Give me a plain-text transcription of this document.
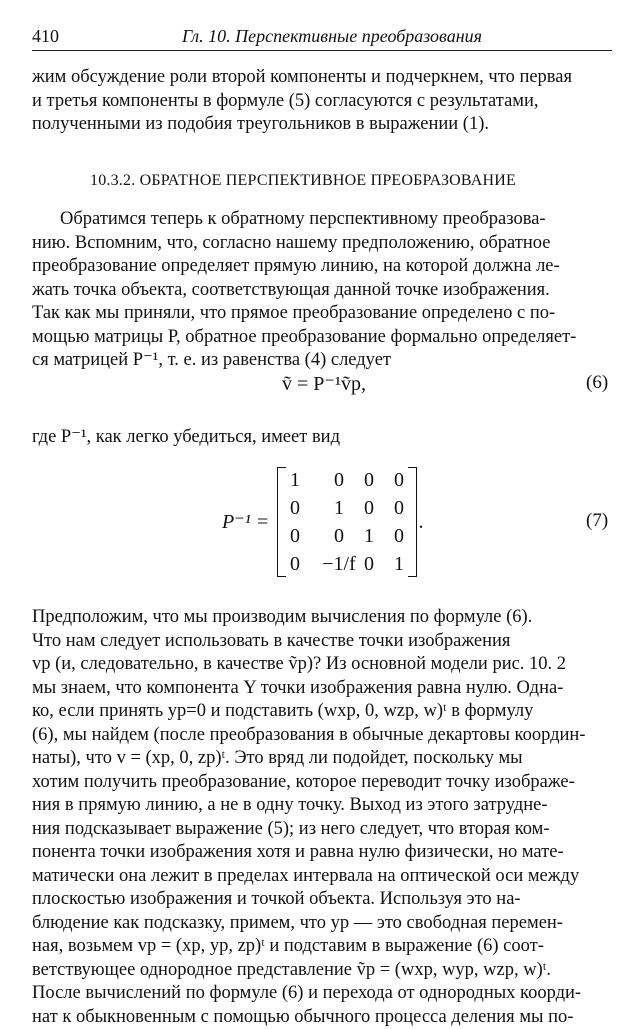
410	Гл. 10. Перспективные преобразования
жим обсуждение роли второй компоненты и подчеркнем, что первая
и третья компоненты в формуле (5) согласуются с результатами,
полученными из подобия треугольников в выражении (1).
10.3.2. ОБРАТНОЕ ПЕРСПЕКТИВНОЕ ПРЕОБРАЗОВАНИЕ
Обратимся теперь к обратному перспективному преобразова-
нию. Вспомним, что, согласно нашему предположению, обратное
преобразование определяет прямую линию, на которой должна ле-
жать точка объекта, соответствующая данной точке изображения.
Так как мы приняли, что прямое преобразование определено с по-
мощью матрицы P, обратное преобразование формально определяет-
ся матрицей P⁻¹, т. е. из равенства (4) следует
ṽ = P⁻¹ṽp,	(6)
где P⁻¹, как легко убедиться, имеет вид
P⁻¹ =
1	0	0	0
0	1	0	0
0	0	1	0
0	−1/f 0	1
.	(7)
Предположим, что мы производим вычисления по формуле (6).
Что нам следует использовать в качестве точки изображения
vp (и, следовательно, в качестве ṽp)? Из основной модели рис. 10. 2
мы знаем, что компонента Y точки изображения равна нулю. Одна-
ко, если принять yp=0 и подставить (wxp, 0, wzp, w)ᵗ в формулу
(6), мы найдем (после преобразования в обычные декартовы координ-
наты), что v = (xp, 0, zp)ᵗ. Это вряд ли подойдет, поскольку мы
хотим получить преобразование, которое переводит точку изображе-
ния в прямую линию, а не в одну точку. Выход из этого затрудне-
ния подсказывает выражение (5); из него следует, что вторая ком-
понента точки изображения хотя и равна нулю физически, но мате-
матически она лежит в пределах интервала на оптической оси между
плоскостью изображения и точкой объекта. Используя это на-
блюдение как подсказку, примем, что yp — это свободная перемен-
ная, возьмем vp = (xp, yp, zp)ᵗ и подставим в выражение (6) соот-
ветствующее однородное представление ṽp = (wxp, wyp, wzp, w)ᵗ.
После вычислений по формуле (6) и перехода от однородных коорди-
нат к обыкновенным с помощью обычного процесса деления мы по-
